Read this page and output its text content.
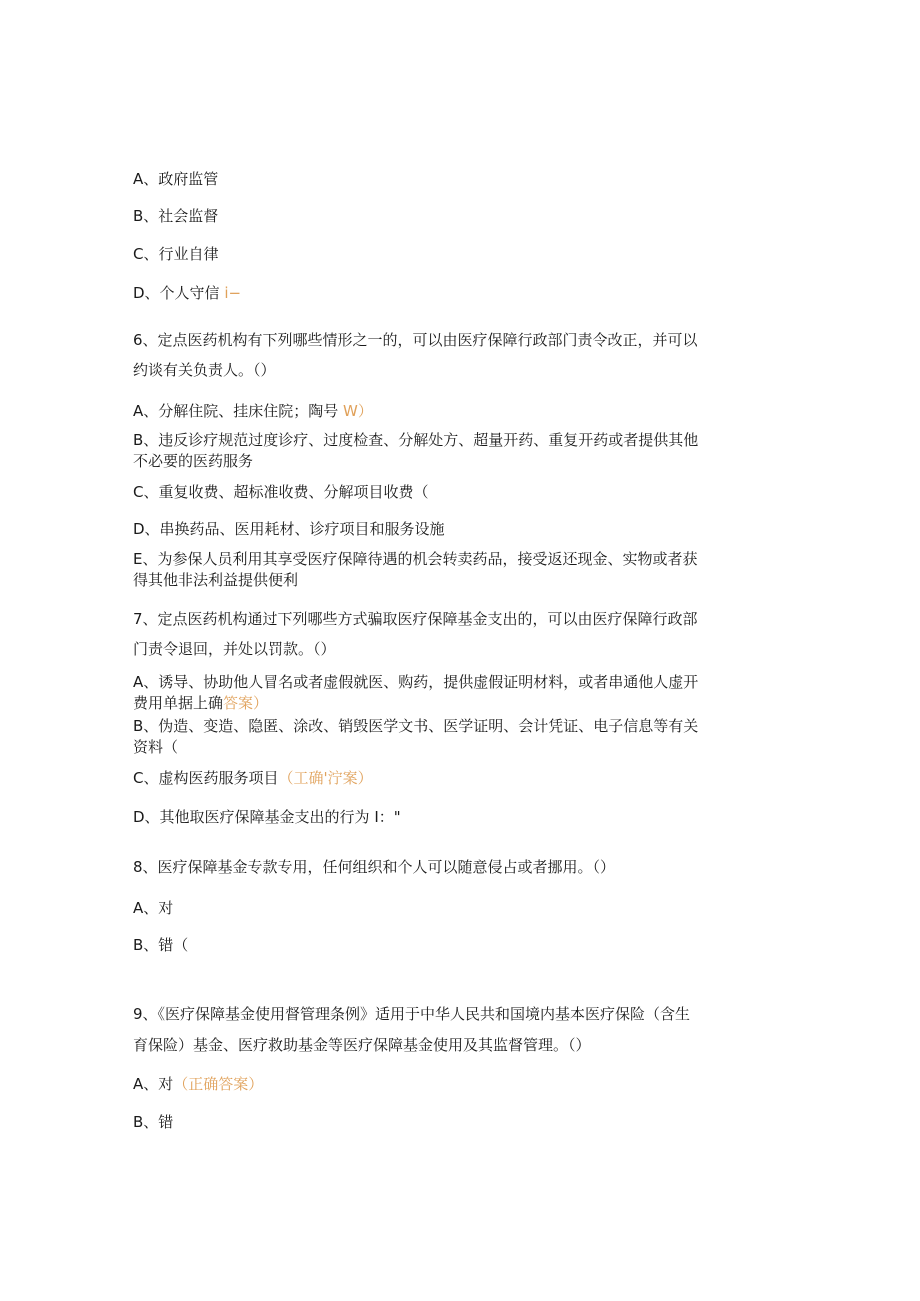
A、政府监管
B、社会监督
C、行业自律
D、个人守信 i−
6、定点医药机构有下列哪些情形之一的，可以由医疗保障行政部门责令改正，并可以
约谈有关负责人。（）
A、分解住院、挂床住院；陶号 W）
B、违反诊疗规范过度诊疗、过度检查、分解处方、超量开药、重复开药或者提供其他
不必要的医药服务
C、重复收费、超标准收费、分解项目收费（
D、串换药品、医用耗材、诊疗项目和服务设施
E、为参保人员利用其享受医疗保障待遇的机会转卖药品，接受返还现金、实物或者获
得其他非法利益提供便利
7、定点医药机构通过下列哪些方式骗取医疗保障基金支出的，可以由医疗保障行政部
门责令退回，并处以罚款。（）
A、诱导、协助他人冒名或者虚假就医、购药，提供虚假证明材料，或者串通他人虚开
费用单据上确答案）
B、伪造、变造、隐匿、涂改、销毁医学文书、医学证明、会计凭证、电子信息等有关
资料（
C、虚构医药服务项目（工确'泞案）
D、其他取医疗保障基金支出的行为 I："
8、医疗保障基金专款专用，任何组织和个人可以随意侵占或者挪用。（）
A、对
B、错（
9、《医疗保障基金使用督管理条例》适用于中华人民共和国境内基本医疗保险（含生
育保险）基金、医疗救助基金等医疗保障基金使用及其监督管理。（）
A、对（正确答案）
B、错
